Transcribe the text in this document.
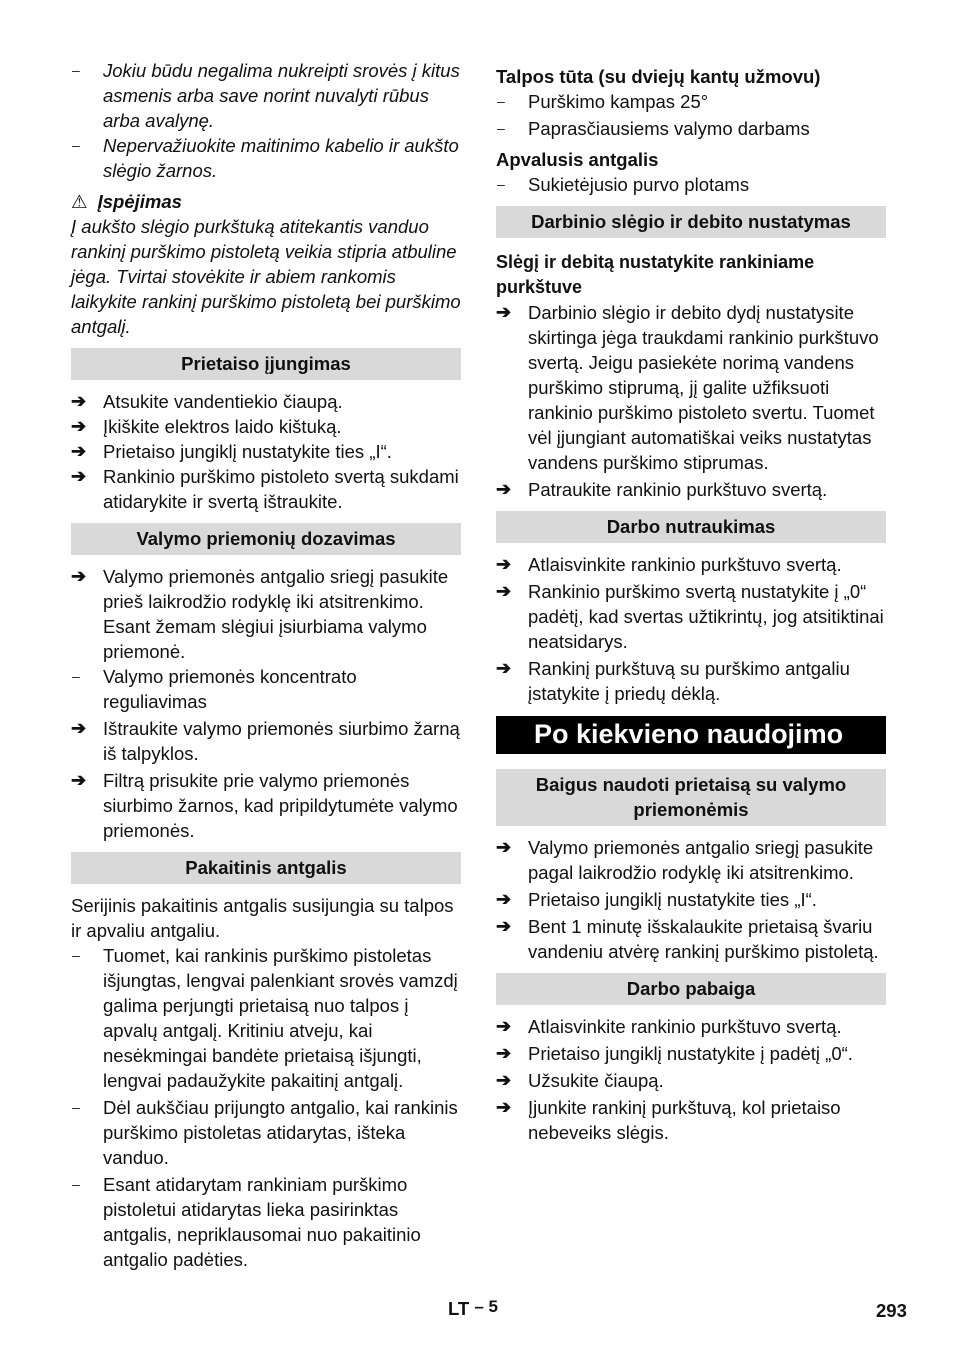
–	Jokiu būdu negalima nukreipti srovės į kitus asmenis arba save norint nuvalyti rūbus arba avalynę.
–	Nepervažiuokite maitinimo kabelio ir aukšto slėgio žarnos.
⚠ Įspėjimas

Į aukšto slėgio purkštuką atitekantis vanduo rankinį purškimo pistoletą veikia stipria atbuline jėga. Tvirtai stovėkite ir abiem rankomis laikykite rankinį purškimo pistoletą bei purškimo antgalį.

Prietaiso įjungimas
➔ Atsukite vandentiekio čiaupą.
➔ Įkiškite elektros laido kištuką.
➔ Prietaiso jungiklį nustatykite ties „I“.
➔ Rankinio purškimo pistoleto svertą sukdami atidarykite ir svertą ištraukite.
Valymo priemonių dozavimas
➔ Valymo priemonės antgalio sriegį pasukite prieš laikrodžio rodyklę iki atsitrenkimo. Esant žemam slėgiui įsiurbiama valymo priemonė.
–	Valymo priemonės koncentrato reguliavimas
➔ Ištraukite valymo priemonės siurbimo žarną iš talpyklos.
➔ Filtrą prisukite prie valymo priemonės siurbimo žarnos, kad pripildytumėte valymo priemonės.
Pakaitinis antgalis

Serijinis pakaitinis antgalis susijungia su talpos ir apvaliu antgaliu.

–	Tuomet, kai rankinis purškimo pistoletas išjungtas, lengvai palenkiant srovės vamzdį galima perjungti prietaisą nuo talpos į apvalų antgalį. Kritiniu atveju, kai nesėkmingai bandėte prietaisą išjungti, lengvai padaužykite pakaitinį antgalį.
–	Dėl aukščiau prijungto antgalio, kai rankinis purškimo pistoletas atidarytas, išteka vanduo.
–	Esant atidarytam rankiniam purškimo pistoletui atidarytas lieka pasirinktas antgalis, nepriklausomai nuo pakaitinio antgalio padėties.
Talpos tūta (su dviejų kantų užmovu)
–	Purškimo kampas 25°
–	Paprasčiausiems valymo darbams
Apvalusis antgalis
–	Sukietėjusio purvo plotams
Darbinio slėgio ir debito nustatymas
Slėgį ir debitą nustatykite rankiniame purkštuve
➔ Darbinio slėgio ir debito dydį nustatysite skirtinga jėga traukdami rankinio purkštuvo svertą. Jeigu pasiekėte norimą vandens purškimo stiprumą, jį galite užfiksuoti rankinio purškimo pistoleto svertu. Tuomet vėl įjungiant automatiškai veiks nustatytas vandens purškimo stiprumas.
➔ Patraukite rankinio purkštuvo svertą.
Darbo nutraukimas
➔ Atlaisvinkite rankinio purkštuvo svertą.
➔ Rankinio purškimo svertą nustatykite į „0“ padėtį, kad svertas užtikrintų, jog atsitiktinai neatsidarys.
➔ Rankinį purkštuvą su purškimo antgaliu įstatykite į priedų dėklą.
Po kiekvieno naudojimo
Baigus naudoti prietaisą su valymo priemonėmis
➔ Valymo priemonės antgalio sriegį pasukite pagal laikrodžio rodyklę iki atsitrenkimo.
➔ Prietaiso jungiklį nustatykite ties „I“.
➔ Bent 1 minutę išskalaukite prietaisą švariu vandeniu atvėrę rankinį purškimo pistoletą.
Darbo pabaiga
➔ Atlaisvinkite rankinio purkštuvo svertą.
➔ Prietaiso jungiklį nustatykite į padėtį „0“.
➔ Užsukite čiaupą.
➔ Įjunkite rankinį purkštuvą, kol prietaiso nebeveiks slėgis.
LT – 5	293
